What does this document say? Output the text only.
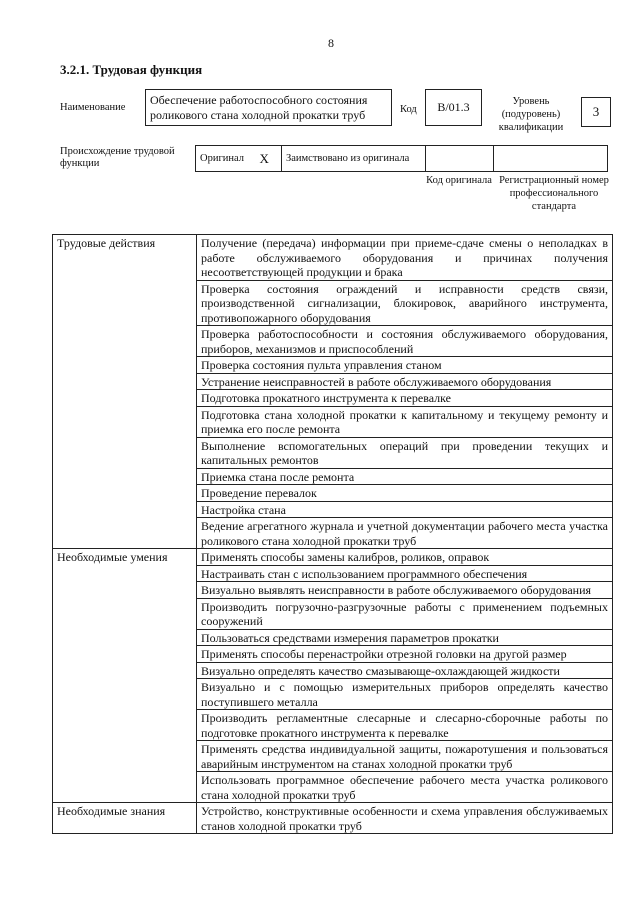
8
3.2.1. Трудовая функция
Наименование
Обеспечение работоспособного состояния роликового стана холодной прокатки труб	Код	B/01.3	Уровень (подуровень) квалификации
3
Происхождение трудовой функции	Оригинал	X	Заимствовано из оригинала		
Код оригинала Регистрационный номер профессионального стандарта
Трудовые действия	Получение (передача) информации при приеме-сдаче смены о неполадках в работе обслуживаемого оборудования и причинах получения несоответствующей продукции и брака
	Проверка состояния ограждений и исправности средств связи, производственной сигнализации, блокировок, аварийного инструмента, противопожарного оборудования
	Проверка работоспособности и состояния обслуживаемого оборудования, приборов, механизмов и приспособлений
	Проверка состояния пульта управления станом
	Устранение неисправностей в работе обслуживаемого оборудования
	Подготовка прокатного инструмента к перевалке
	Подготовка стана холодной прокатки к капитальному и текущему ремонту и приемка его после ремонта
	Выполнение вспомогательных операций при проведении текущих и капитальных ремонтов
	Приемка стана после ремонта
	Проведение перевалок
	Настройка стана
	Ведение агрегатного журнала и учетной документации рабочего места участка роликового стана холодной прокатки труб
Необходимые умения	Применять способы замены калибров, роликов, оправок
	Настраивать стан с использованием программного обеспечения
	Визуально выявлять неисправности в работе обслуживаемого оборудования
	Производить погрузочно-разгрузочные работы с применением подъемных сооружений
	Пользоваться средствами измерения параметров прокатки
	Применять способы перенастройки отрезной головки на другой размер
	Визуально определять качество смазывающе-охлаждающей жидкости
	Визуально и с помощью измерительных приборов определять качество поступившего металла
	Производить регламентные слесарные и слесарно-сборочные работы по подготовке прокатного инструмента к перевалке
	Применять средства индивидуальной защиты, пожаротушения и пользоваться аварийным инструментом на станах холодной прокатки труб
	Использовать программное обеспечение рабочего места участка роликового стана холодной прокатки труб
Необходимые знания	Устройство, конструктивные особенности и схема управления обслуживаемых станов холодной прокатки труб
